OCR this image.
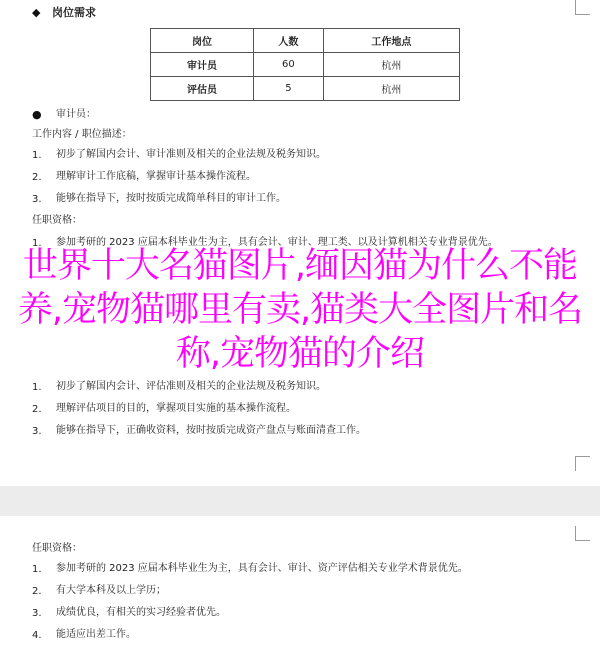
◆ 岗位需求
岗位	人数	工作地点
审计员	60	杭州
评估员	5	杭州
● 审计员：
工作内容 / 职位描述：
1. 初步了解国内会计、审计准则及相关的企业法规及税务知识。
2. 理解审计工作底稿，掌握审计基本操作流程。
3. 能够在指导下，按时按质完成简单科目的审计工作。
任职资格：
1. 参加考研的 2023 应届本科毕业生为主，具有会计、审计、理工类、以及计算机相关专业背景优先。
1. 初步了解国内会计、评估准则及相关的企业法规及税务知识。
2. 理解评估项目的目的，掌握项目实施的基本操作流程。
3. 能够在指导下，正确收资料，按时按质完成资产盘点与账面清查工作。
任职资格：
1. 参加考研的 2023 应届本科毕业生为主，具有会计、审计、资产评估相关专业学术背景优先。
2. 有大学本科及以上学历；
3. 成绩优良，有相关的实习经验者优先。
4. 能适应出差工作。
世界十大名猫图片,缅因猫为什么不能养,宠物猫哪里有卖,猫类大全图片和名称,宠物猫的介绍
